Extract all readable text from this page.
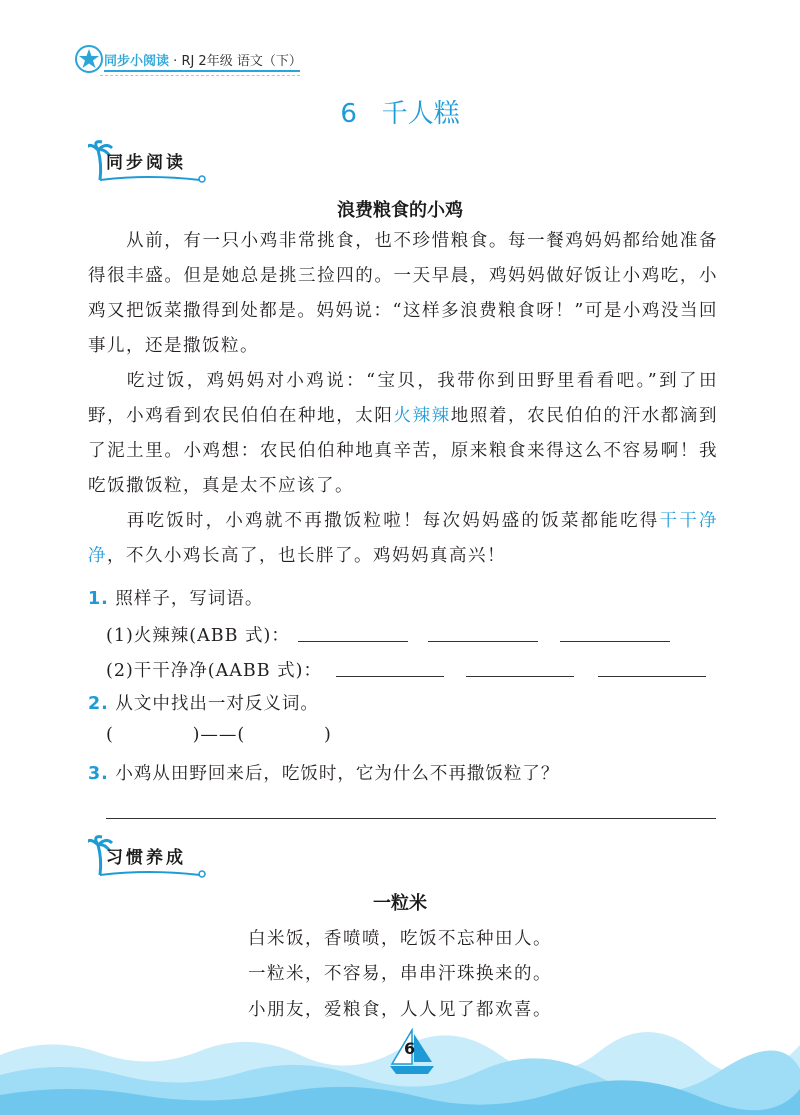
同步小阅读 · RJ 2年级 语文（下）
6 千人糕
同步阅读
浪费粮食的小鸡
从前，有一只小鸡非常挑食，也不珍惜粮食。每一餐鸡妈妈都给她准备得很丰盛。但是她总是挑三捡四的。一天早晨，鸡妈妈做好饭让小鸡吃，小鸡又把饭菜撒得到处都是。妈妈说：“这样多浪费粮食呀！”可是小鸡没当回事儿，还是撒饭粒。
吃过饭，鸡妈妈对小鸡说：“宝贝，我带你到田野里看看吧。”到了田野，小鸡看到农民伯伯在种地，太阳火辣辣地照着，农民伯伯的汗水都滴到了泥土里。小鸡想：农民伯伯种地真辛苦，原来粮食来得这么不容易啊！我吃饭撒饭粒，真是太不应该了。
再吃饭时，小鸡就不再撒饭粒啦！每次妈妈盛的饭菜都能吃得干干净净，不久小鸡长高了，也长胖了。鸡妈妈真高兴！
1. 照样子，写词语。
(1)火辣辣(ABB 式)：
(2)干干净净(AABB 式)：
2. 从文中找出一对反义词。
(            )——(            )
3. 小鸡从田野回来后，吃饭时，它为什么不再撒饭粒了？
习惯养成
一粒米
白米饭，香喷喷，吃饭不忘种田人。
一粒米，不容易，串串汗珠换来的。
小朋友，爱粮食，人人见了都欢喜。
6
